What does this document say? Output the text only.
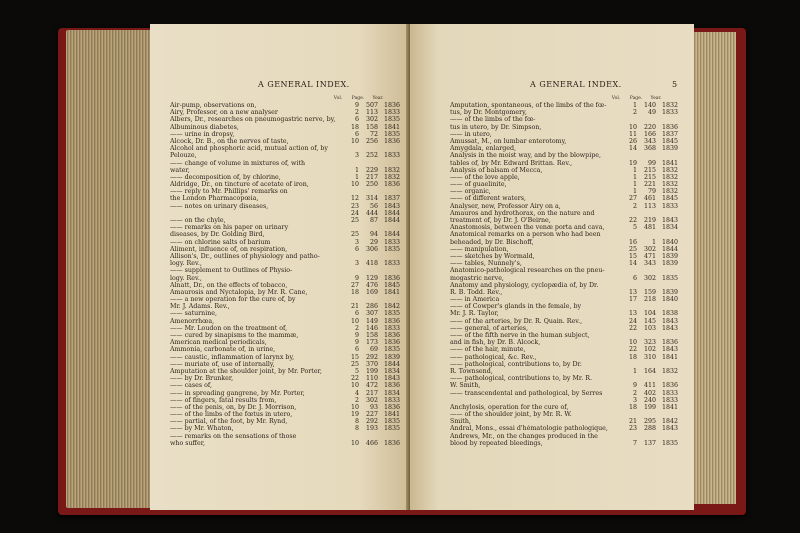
A GENERAL INDEX.
Vol. Page. Year.
Air-pump, observations on,	9	507 1836
Airy, Professor, on a new analyser	2	113 1833
Albers, Dr., researches on pneumogastric nerve, by,	6	302 1835
Albuminous diabetes,	18	158 1841
—— urine in dropsy,	6	72 1835
Alcock, Dr. B., on the nerves of taste,	10	256 1836
Alcohol and phosphoric acid, mutual action of, by
Pelouze,	3	252 1833
—— change of volume in mixtures of, with
water,	1	229 1832
—— decomposition of, by chlorine,	1	217 1832
Aldridge, Dr., on tincture of acetate of iron,	10	250 1836
—— reply to Mr. Phillips' remarks on
the London Pharmacopœia,	12	314 1837
—— notes on urinary diseases,	23	56 1843
24	444 1844
—— on the chyle,	25	87 1844
—— remarks on his paper on urinary
diseases, by Dr. Golding Bird,	25	94 1844
—— on chlorine salts of barium	3	29 1833
Aliment, influence of, on respiration,	6	306 1835
Allison's, Dr., outlines of physiology and patho-
logy. Rev.,	3	418 1833
—— supplement to Outlines of Physio-
logy. Rev.,	9	129 1836
Alnatt, Dr., on the effects of tobacco,	27	476 1845
Amaurosis and Nyctalopia, by Mr. R. Cane,	18	169 1841
—— a new operation for the cure of, by
Mr. J. Adams. Rev.,	21	286 1842
—— saturnine,	6	307 1835
Amenorrhœa,	10	149 1836
—— Mr. Loudon on the treatment of,	2	146 1833
—— cured by sinapisms to the mammæ,	9	158 1836
American medical periodicals,	9	173 1836
Ammonia, carbonate of, in urine,	6	69 1835
—— caustic, inflammation of larynx by,	15	292 1839
—— muriate of, use of internally,	25	370 1844
Amputation at the shoulder joint, by Mr. Porter,	5	199 1834
—— by Dr. Brunker,	22	110 1843
—— cases of,	10	472 1836
—— in spreading gangrene, by Mr. Porter,	4	217 1834
—— of fingers, fatal results from,	2	302 1833
—— of the penis, on, by Dr. J. Morrison,	10	93 1836
—— of the limbs of the fœtus in utero,	19	227 1841
—— partial, of the foot, by Mr. Rynd,	8	292 1835
—— by Mr. Whaton,	8	193 1835
—— remarks on the sensations of those
who suffer,	10	466 1836
A GENERAL INDEX.	5
Vol. Page. Year.
Amputation, spontaneous, of the limbs of the fœ-	1	140 1832
tus, by Dr. Montgomery,	2	49 1833
—— of the limbs of the fœ-
tus in utero, by Dr. Simpson,	10	220 1836
—— in utero,	11	166 1837
Amussat, M., on lumbar enterotomy,	26	343 1845
Amygdala, enlarged,	14	368 1839
Analysis in the moist way, and by the blowpipe,
tables of, by Mr. Edward Brittan. Rev.,	19	99 1841
Analysis of balsam of Mecca,	1	215 1832
—— of the love apple,	1	215 1832
—— of guaelinite,	1	221 1832
—— organic,	1	79 1832
—— of different waters,	27	461 1845
Analyser, new, Professor Airy on a,	2	113 1833
Amauros and hydrothorax, on the nature and
treatment of, by Dr. J. O'Beirne,	22	219 1843
Anastomosis, between the venæ porta and cava,	5	481 1834
Anatomical remarks on a person who had been
beheaded, by Dr. Bischoff,	16	1 1840
—— manipulation,	25	302 1844
—— sketches by Wormald,	15	471 1839
—— tables, Nunnely's,	14	343 1839
Anatomico-pathological researches on the pneu-
mogastric nerve,	6	302 1835
Anatomy and physiology, cyclopædia of, by Dr.
R. B. Todd. Rev.,	13	159 1839
—— in America	17	218 1840
—— of Cowper's glands in the female, by
Mr. J. R. Taylor,	13	104 1838
—— of the arteries, by Dr. R. Quain. Rev.,	24	145 1843
—— general, of arteries,	22	103 1843
—— of the fifth nerve in the human subject,
and in fish, by Dr. B. Alcock,	10	323 1836
—— of the hair, minute,	22	102 1843
—— pathological, &c. Rev.,	18	310 1841
—— pathological, contributions to, by Dr.
R. Townsend,	1	164 1832
—— pathological, contributions to, by Mr. R.
W. Smith,	9	411 1836
—— transcendental and pathological, by Serres	2	402 1833
3	240 1833
Anchylosis, operation for the cure of,	18	199 1841
—— of the shoulder joint, by Mr. R. W.
Smith,	21	295 1842
Andral, Mons., essai d'hématologie pathologique,	23	288 1843
Andrews, Mr., on the changes produced in the
blood by repeated bleedings,	7	137 1835
